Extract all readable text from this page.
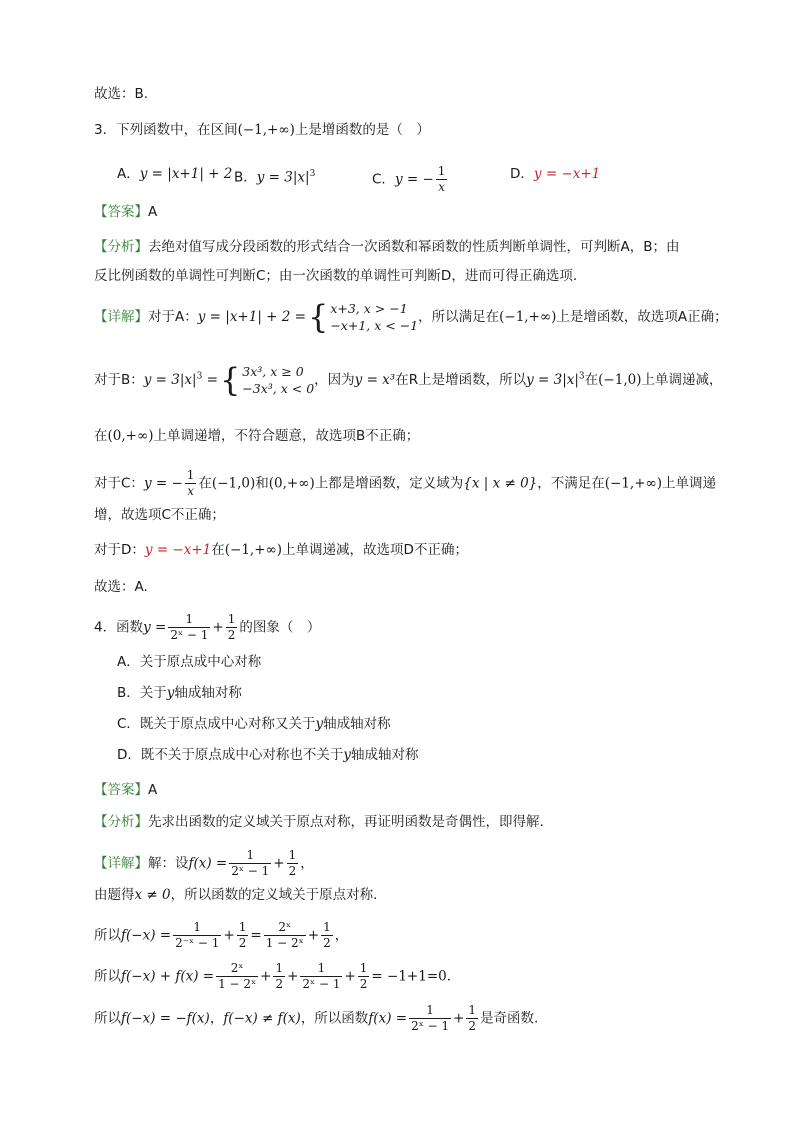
故选：B.
3．下列函数中，在区间(−1,+∞)上是增函数的是（　）
A．y = |x+1| + 2 B．$y = 3|x|^3$	C．y = − $\frac{1}{x}$	D．y = −x+1
【答案】A
【分析】去绝对值写成分段函数的形式结合一次函数和幂函数的性质判断单调性，可判断A，B；由
反比例函数的单调性可判断C；由一次函数的单调性可判断D，进而可得正确选项.
【详解】对于A：y = |x+1| + 2 ={ x+3, x > −1
−x+1, x < −1
，所以满足在(−1,+∞)上是增函数，故选项A正确；
对于B：$y = 3|x|^3$ ={ 3x³, x ≥ 0
−3x³, x < 0
，因为y = x³在R上是增函数，所以$y = 3|x|^3$在(−1,0)上单调递减，
在(0,+∞)上单调递增，不符合题意，故选项B不正确；
对于C：y = − $\frac{1}{x}$ 在(−1,0)和(0,+∞)上都是增函数，定义域为{x | x ≠ 0}，不满足在(−1,+∞)上单调递
增，故选项C不正确；
对于D：y = −x+1在(−1,+∞)上单调递减，故选项D不正确；
故选：A.
4．函数$y = \frac{1}{\text{2ˣ − 1}} + \frac{1}{2}$ 的图象（　）
A．关于原点成中心对称
B．关于y轴成轴对称
C．既关于原点成中心对称又关于y轴成轴对称
D．既不关于原点成中心对称也不关于y轴成轴对称
【答案】A
【分析】先求出函数的定义域关于原点对称，再证明函数是奇偶性，即得解.
【详解】解：设$f(x) = \frac{1}{\text{2ˣ − 1}} + \frac{1}{2}$ ，
由题得x ≠ 0，所以函数的定义域关于原点对称.
所以$f(-x) = \frac{1}{\text{2⁻ˣ − 1}} + \frac{1}{2} = \frac{\text{2ˣ}}{\text{1 − 2ˣ}} + \frac{1}{2}$ ，
所以$f(-x) + f(x) = \frac{\text{2ˣ}}{\text{1 − 2ˣ}} + \frac{1}{2} + \frac{1}{\text{2ˣ − 1}} + \frac{1}{2} = -1+1=0$.
所以f(−x) = −f(x)，f(−x) ≠ f(x)，所以函数$f(x) = \frac{1}{\text{2ˣ − 1}} + \frac{1}{2}$ 是奇函数.
